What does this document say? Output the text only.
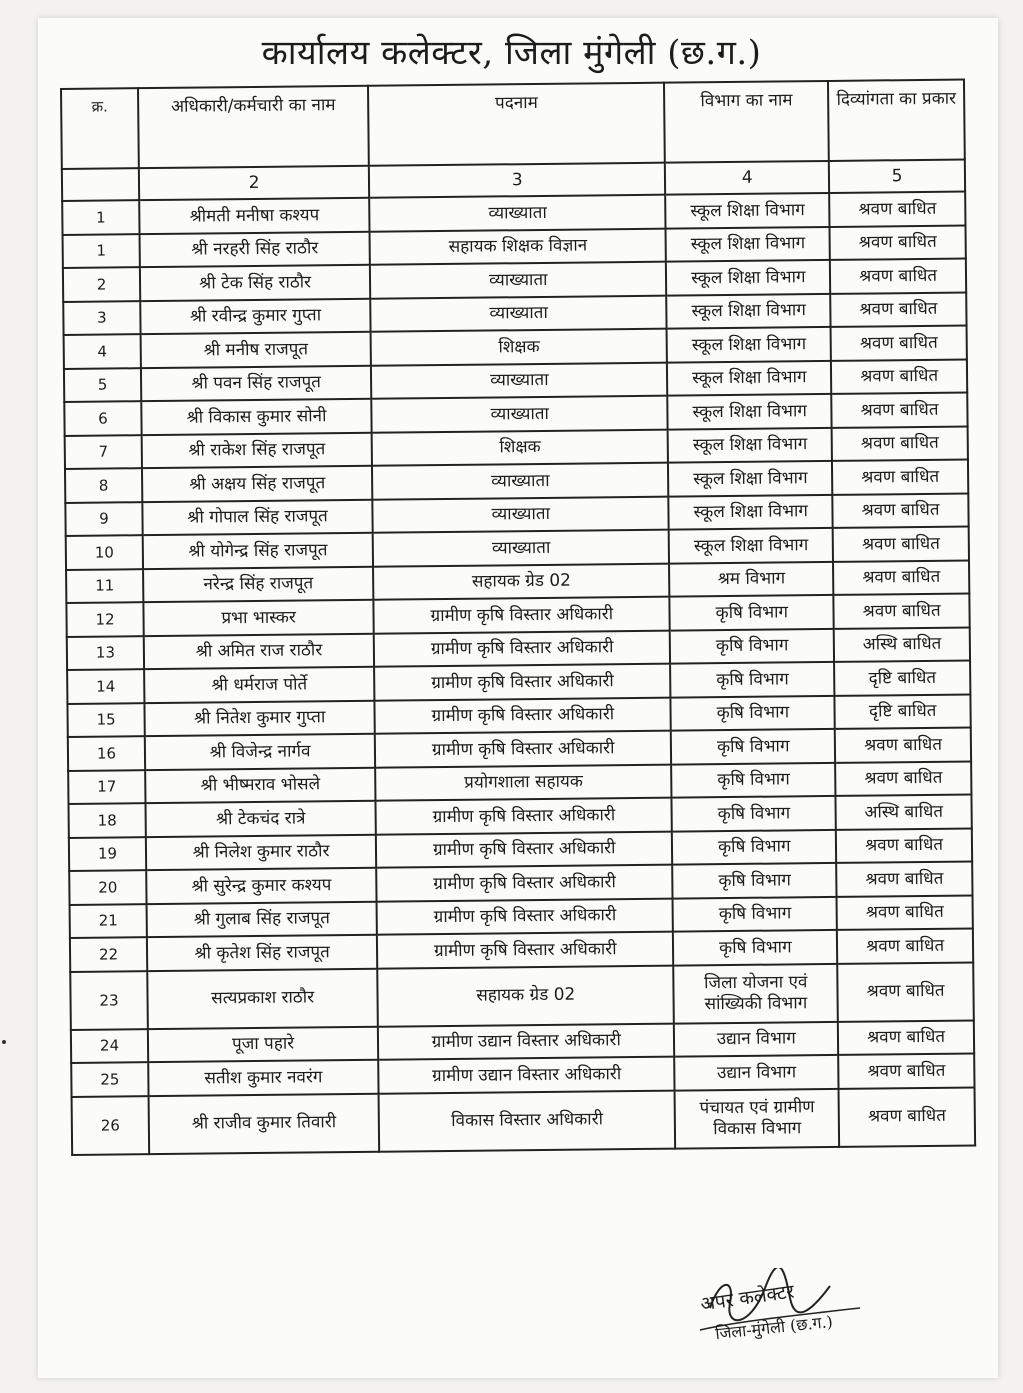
कार्यालय कलेक्टर, जिला मुंगेली (छ.ग.)
क्र.	अधिकारी/कर्मचारी का नाम	पदनाम	विभाग का नाम	दिव्यांगता का प्रकार
	2	3	4	5
1	श्रीमती मनीषा कश्यप	व्याख्याता	स्कूल शिक्षा विभाग	श्रवण बाधित
1	श्री नरहरी सिंह राठौर	सहायक शिक्षक विज्ञान	स्कूल शिक्षा विभाग	श्रवण बाधित
2	श्री टेक सिंह राठौर	व्याख्याता	स्कूल शिक्षा विभाग	श्रवण बाधित
3	श्री रवीन्द्र कुमार गुप्ता	व्याख्याता	स्कूल शिक्षा विभाग	श्रवण बाधित
4	श्री मनीष राजपूत	शिक्षक	स्कूल शिक्षा विभाग	श्रवण बाधित
5	श्री पवन सिंह राजपूत	व्याख्याता	स्कूल शिक्षा विभाग	श्रवण बाधित
6	श्री विकास कुमार सोनी	व्याख्याता	स्कूल शिक्षा विभाग	श्रवण बाधित
7	श्री राकेश सिंह राजपूत	शिक्षक	स्कूल शिक्षा विभाग	श्रवण बाधित
8	श्री अक्षय सिंह राजपूत	व्याख्याता	स्कूल शिक्षा विभाग	श्रवण बाधित
9	श्री गोपाल सिंह राजपूत	व्याख्याता	स्कूल शिक्षा विभाग	श्रवण बाधित
10	श्री योगेन्द्र सिंह राजपूत	व्याख्याता	स्कूल शिक्षा विभाग	श्रवण बाधित
11	नरेन्द्र सिंह राजपूत	सहायक ग्रेड 02	श्रम विभाग	श्रवण बाधित
12	प्रभा भास्कर	ग्रामीण कृषि विस्तार अधिकारी	कृषि विभाग	श्रवण बाधित
13	श्री अमित राज राठौर	ग्रामीण कृषि विस्तार अधिकारी	कृषि विभाग	अस्थि बाधित
14	श्री धर्मराज पोर्ते	ग्रामीण कृषि विस्तार अधिकारी	कृषि विभाग	दृष्टि बाधित
15	श्री नितेश कुमार गुप्ता	ग्रामीण कृषि विस्तार अधिकारी	कृषि विभाग	दृष्टि बाधित
16	श्री विजेन्द्र नार्गव	ग्रामीण कृषि विस्तार अधिकारी	कृषि विभाग	श्रवण बाधित
17	श्री भीष्मराव भोसले	प्रयोगशाला सहायक	कृषि विभाग	श्रवण बाधित
18	श्री टेकचंद रात्रे	ग्रामीण कृषि विस्तार अधिकारी	कृषि विभाग	अस्थि बाधित
19	श्री निलेश कुमार राठौर	ग्रामीण कृषि विस्तार अधिकारी	कृषि विभाग	श्रवण बाधित
20	श्री सुरेन्द्र कुमार कश्यप	ग्रामीण कृषि विस्तार अधिकारी	कृषि विभाग	श्रवण बाधित
21	श्री गुलाब सिंह राजपूत	ग्रामीण कृषि विस्तार अधिकारी	कृषि विभाग	श्रवण बाधित
22	श्री कृतेश सिंह राजपूत	ग्रामीण कृषि विस्तार अधिकारी	कृषि विभाग	श्रवण बाधित
23	सत्यप्रकाश राठौर	सहायक ग्रेड 02	जिला योजना एवं सांख्यिकी विभाग	श्रवण बाधित
24	पूजा पहारे	ग्रामीण उद्यान विस्तार अधिकारी	उद्यान विभाग	श्रवण बाधित
25	सतीश कुमार नवरंग	ग्रामीण उद्यान विस्तार अधिकारी	उद्यान विभाग	श्रवण बाधित
26	श्री राजीव कुमार तिवारी	विकास विस्तार अधिकारी	पंचायत एवं ग्रामीण विकास विभाग	श्रवण बाधित
अपर कलेक्टर
जिला-मुंगेली (छ.ग.)
